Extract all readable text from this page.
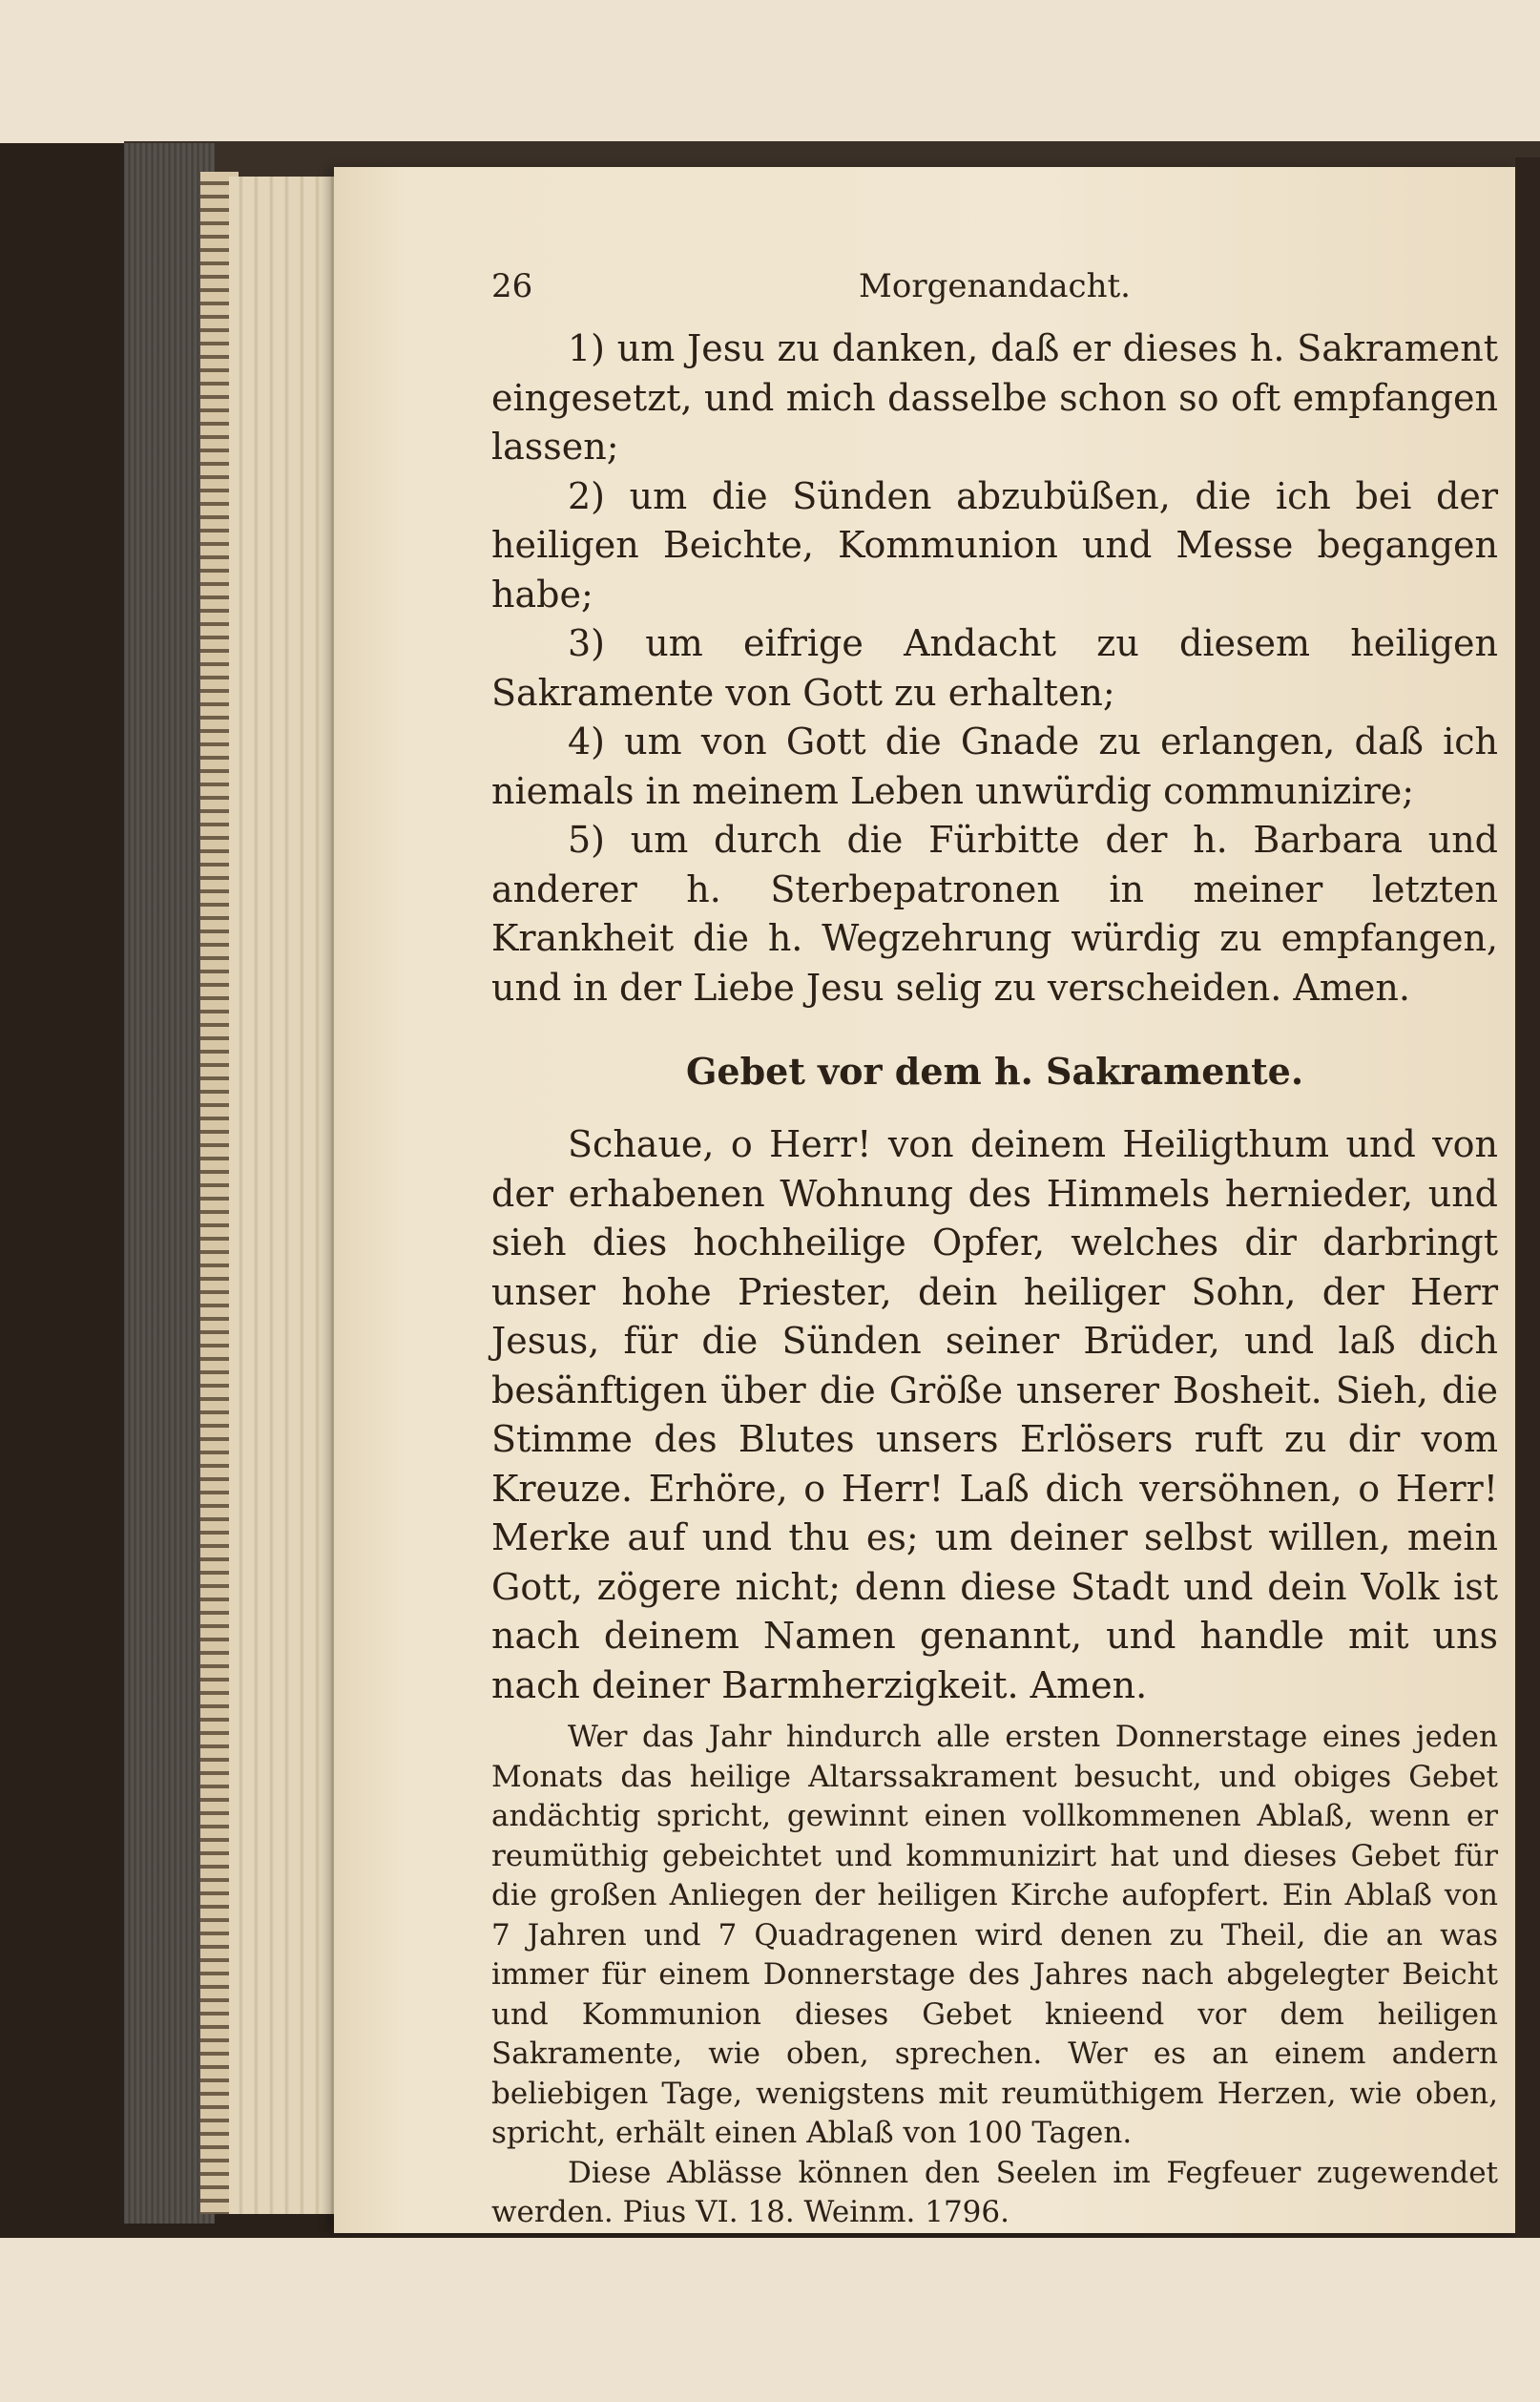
26	Morgenandacht.

1) um Jesu zu danken, daß er dieses h. Sakrament eingesetzt, und mich dasselbe schon so oft empfangen lassen;

2) um die Sünden abzubüßen, die ich bei der heiligen Beichte, Kommunion und Messe begangen habe;

3) um eifrige Andacht zu diesem heiligen Sakramente von Gott zu erhalten;

4) um von Gott die Gnade zu erlangen, daß ich niemals in meinem Leben unwürdig communizire;

5) um durch die Fürbitte der h. Barbara und anderer h. Sterbepatronen in meiner letzten Krankheit die h. Wegzehrung würdig zu empfangen, und in der Liebe Jesu selig zu verscheiden. Amen.

Gebet vor dem h. Sakramente.

Schaue, o Herr! von deinem Heiligthum und von der erhabenen Wohnung des Himmels hernieder, und sieh dies hochheilige Opfer, welches dir darbringt unser hohe Priester, dein heiliger Sohn, der Herr Jesus, für die Sünden seiner Brüder, und laß dich besänftigen über die Größe unserer Bosheit. Sieh, die Stimme des Blutes unsers Erlösers ruft zu dir vom Kreuze. Erhöre, o Herr! Laß dich versöhnen, o Herr! Merke auf und thu es; um deiner selbst willen, mein Gott, zögere nicht; denn diese Stadt und dein Volk ist nach deinem Namen genannt, und handle mit uns nach deiner Barmherzigkeit. Amen.

Wer das Jahr hindurch alle ersten Donnerstage eines jeden Monats das heilige Altarssakrament besucht, und obiges Gebet andächtig spricht, gewinnt einen vollkommenen Ablaß, wenn er reumüthig gebeichtet und kommunizirt hat und dieses Gebet für die großen Anliegen der heiligen Kirche aufopfert. Ein Ablaß von 7 Jahren und 7 Quadragenen wird denen zu Theil, die an was immer für einem Donnerstage des Jahres nach abgelegter Beicht und Kommunion dieses Gebet knieend vor dem heiligen Sakramente, wie oben, sprechen. Wer es an einem andern beliebigen Tage, wenigstens mit reumüthigem Herzen, wie oben, spricht, erhält einen Ablaß von 100 Tagen.

Diese Ablässe können den Seelen im Fegfeuer zugewendet werden. Pius VI. 18. Weinm. 1796.
